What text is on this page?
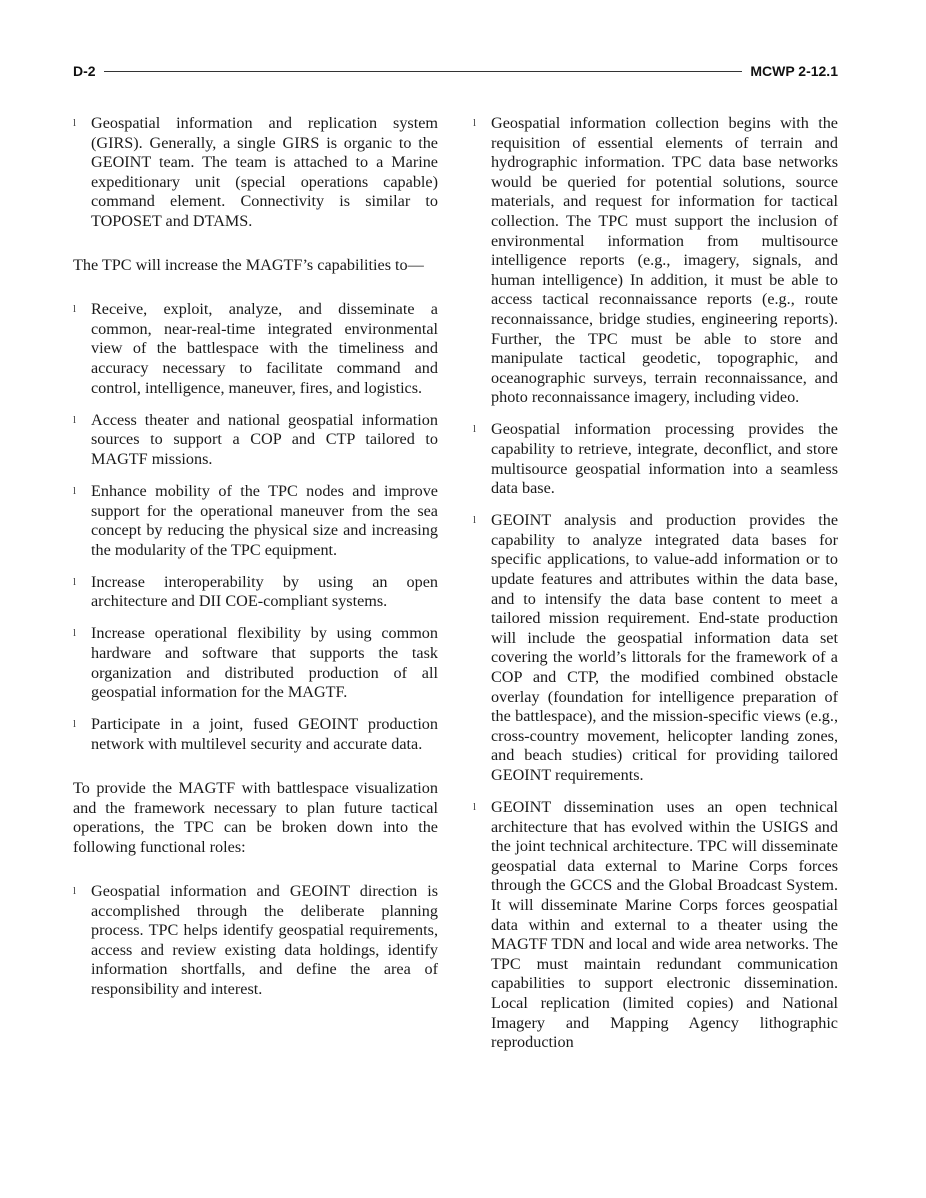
D-2	MCWP 2-12.1
l Geospatial information and replication system (GIRS). Generally, a single GIRS is organic to the GEOINT team. The team is attached to a Marine expeditionary unit (special operations capable) command element. Connectivity is similar to TOPOSET and DTAMS.

The TPC will increase the MAGTF’s capabilities to—

l Receive, exploit, analyze, and disseminate a common, near-real-time integrated environmental view of the battlespace with the timeliness and accuracy necessary to facilitate command and control, intelligence, maneuver, fires, and logistics.
l Access theater and national geospatial information sources to support a COP and CTP tailored to MAGTF missions.
l Enhance mobility of the TPC nodes and improve support for the operational maneuver from the sea concept by reducing the physical size and increasing the modularity of the TPC equipment.
l Increase interoperability by using an open architecture and DII COE-compliant systems.
l Increase operational flexibility by using common hardware and software that supports the task organization and distributed production of all geospatial information for the MAGTF.
l Participate in a joint, fused GEOINT production network with multilevel security and accurate data.

To provide the MAGTF with battlespace visualization and the framework necessary to plan future tactical operations, the TPC can be broken down into the following functional roles:

l Geospatial information and GEOINT direction is accomplished through the deliberate planning process. TPC helps identify geospatial requirements, access and review existing data holdings, identify information shortfalls, and define the area of responsibility and interest.
l Geospatial information collection begins with the requisition of essential elements of terrain and hydrographic information. TPC data base networks would be queried for potential solutions, source materials, and request for information for tactical collection. The TPC must support the inclusion of environmental information from multisource intelligence reports (e.g., imagery, signals, and human intelligence) In addition, it must be able to access tactical reconnaissance reports (e.g., route reconnaissance, bridge studies, engineering reports). Further, the TPC must be able to store and manipulate tactical geodetic, topographic, and oceanographic surveys, terrain reconnaissance, and photo reconnaissance imagery, including video.
l Geospatial information processing provides the capability to retrieve, integrate, deconflict, and store multisource geospatial information into a seamless data base.
l GEOINT analysis and production provides the capability to analyze integrated data bases for specific applications, to value-add information or to update features and attributes within the data base, and to intensify the data base content to meet a tailored mission requirement. End-state production will include the geospatial information data set covering the world’s littorals for the framework of a COP and CTP, the modified combined obstacle overlay (foundation for intelligence preparation of the battlespace), and the mission-specific views (e.g., cross-country movement, helicopter landing zones, and beach studies) critical for providing tailored GEOINT requirements.
l GEOINT dissemination uses an open technical architecture that has evolved within the USIGS and the joint technical architecture. TPC will disseminate geospatial data external to Marine Corps forces through the GCCS and the Global Broadcast System. It will disseminate Marine Corps forces geospatial data within and external to a theater using the MAGTF TDN and local and wide area networks. The TPC must maintain redundant communication capabilities to support electronic dissemination. Local replication (limited copies) and National Imagery and Mapping Agency lithographic reproduction
